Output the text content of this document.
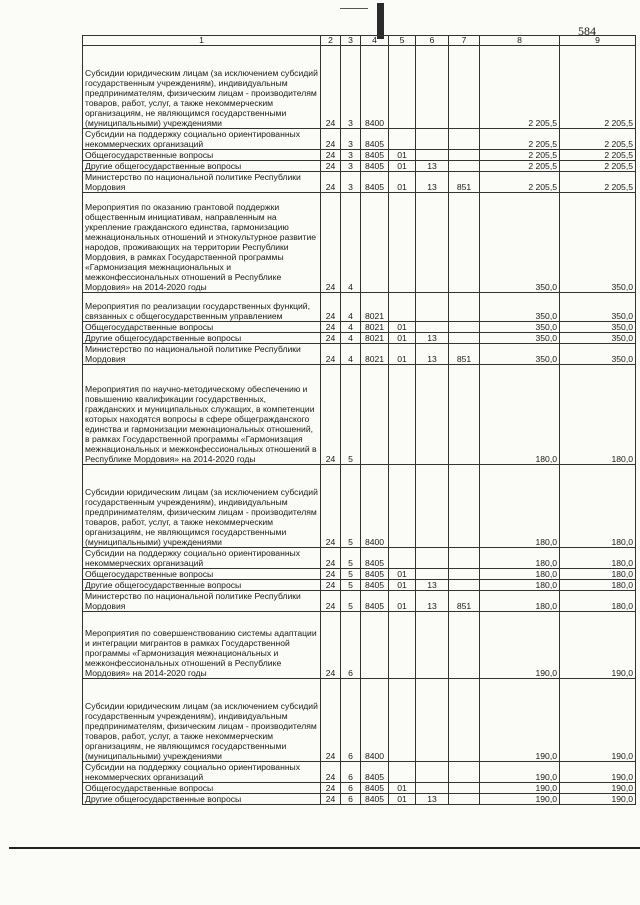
584
1	2	3	4	5	6	7	8	9
Субсидии юридическим лицам (за исключением субсидий государственным учреждениям), индивидуальным предпринимателям, физическим лицам - производителям товаров, работ, услуг, а также некоммерческим организациям, не являющимся государственными (муниципальными) учреждениями	24	3	8400				2 205,5	2 205,5
Субсидии на поддержку социально ориентированных некоммерческих организаций	24	3	8405				2 205,5	2 205,5
Общегосударственные вопросы	24	3	8405	01			2 205,5	2 205,5
Другие общегосударственные вопросы	24	3	8405	01	13		2 205,5	2 205,5
Министерство по национальной политике Республики Мордовия	24	3	8405	01	13	851	2 205,5	2 205,5
Мероприятия по оказанию грантовой поддержки общественным инициативам, направленным на укрепление гражданского единства, гармонизацию межнациональных отношений и этнокультурное развитие народов, проживающих на территории Республики Мордовия, в рамках Государственной программы «Гармонизация межнациональных и межконфессиональных отношений в Республике Мордовия» на 2014-2020 годы	24	4					350,0	350,0
Мероприятия по реализации государственных функций, связанных с общегосударственным управлением	24	4	8021				350,0	350,0
Общегосударственные вопросы	24	4	8021	01			350,0	350,0
Другие общегосударственные вопросы	24	4	8021	01	13		350,0	350,0
Министерство по национальной политике Республики Мордовия	24	4	8021	01	13	851	350,0	350,0
Мероприятия по научно-методическому обеспечению и повышению квалификации государственных, гражданских и муниципальных служащих, в компетенции которых находятся вопросы в сфере общегражданского единства и гармонизации межнациональных отношений, в рамках Государственной программы «Гармонизация межнациональных и межконфессиональных отношений в Республике Мордовия» на 2014-2020 годы	24	5					180,0	180,0
Субсидии юридическим лицам (за исключением субсидий государственным учреждениям), индивидуальным предпринимателям, физическим лицам - производителям товаров, работ, услуг, а также некоммерческим организациям, не являющимся государственными (муниципальными) учреждениями	24	5	8400				180,0	180,0
Субсидии на поддержку социально ориентированных некоммерческих организаций	24	5	8405				180,0	180,0
Общегосударственные вопросы	24	5	8405	01			180,0	180,0
Другие общегосударственные вопросы	24	5	8405	01	13		180,0	180,0
Министерство по национальной политике Республики Мордовия	24	5	8405	01	13	851	180,0	180,0
Мероприятия по совершенствованию системы адаптации и интеграции мигрантов в рамках Государственной программы «Гармонизация межнациональных и межконфессиональных отношений в Республике Мордовия» на 2014-2020 годы	24	6					190,0	190,0
Субсидии юридическим лицам (за исключением субсидий государственным учреждениям), индивидуальным предпринимателям, физическим лицам - производителям товаров, работ, услуг, а также некоммерческим организациям, не являющимся государственными (муниципальными) учреждениями	24	6	8400				190,0	190,0
Субсидии на поддержку социально ориентированных некоммерческих организаций	24	6	8405				190,0	190,0
Общегосударственные вопросы	24	6	8405	01			190,0	190,0
Другие общегосударственные вопросы	24	6	8405	01	13		190,0	190,0
